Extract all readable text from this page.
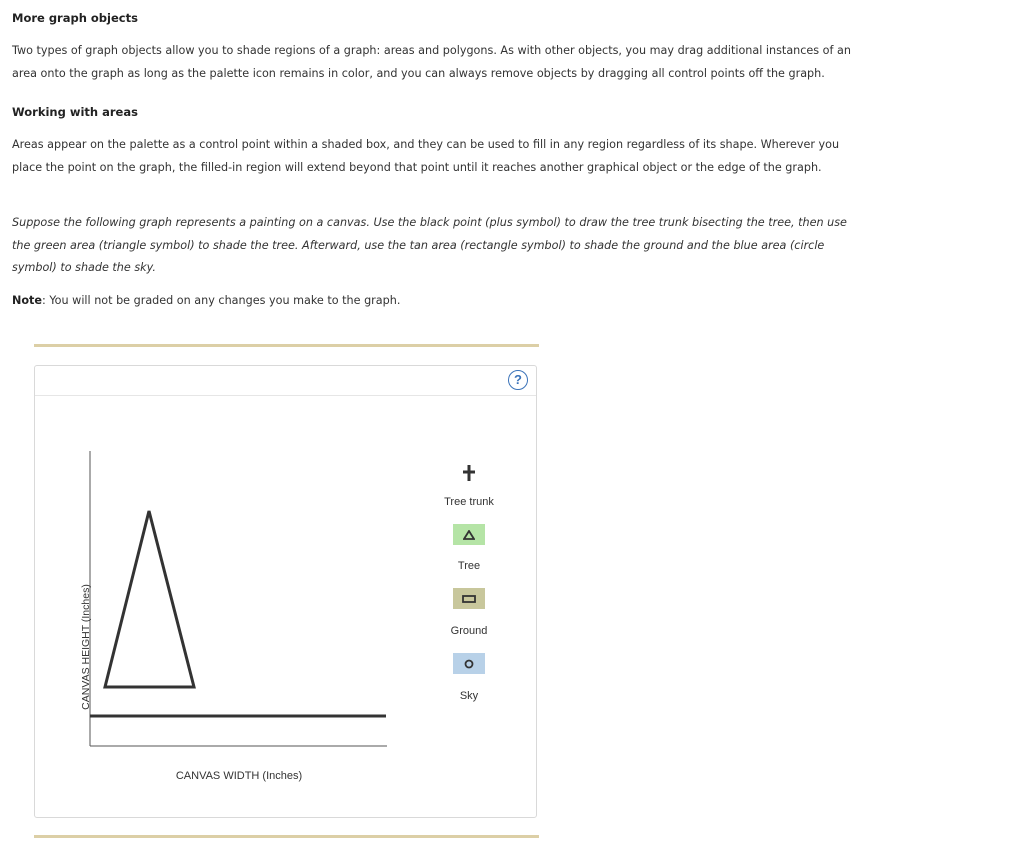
More graph objects

Two types of graph objects allow you to shade regions of a graph: areas and polygons. As with other objects, you may drag additional instances of an area onto the graph as long as the palette icon remains in color, and you can always remove objects by dragging all control points off the graph.

Working with areas

Areas appear on the palette as a control point within a shaded box, and they can be used to fill in any region regardless of its shape. Wherever you place the point on the graph, the filled-in region will extend beyond that point until it reaches another graphical object or the edge of the graph.

Suppose the following graph represents a painting on a canvas. Use the black point (plus symbol) to draw the tree trunk bisecting the tree, then use the green area (triangle symbol) to shade the tree. Afterward, use the tan area (rectangle symbol) to shade the ground and the blue area (circle symbol) to shade the sky.

Note: You will not be graded on any changes you make to the graph.

?
CANVAS HEIGHT (Inches)
CANVAS WIDTH (Inches)
Tree trunk
Tree
Ground
Sky
